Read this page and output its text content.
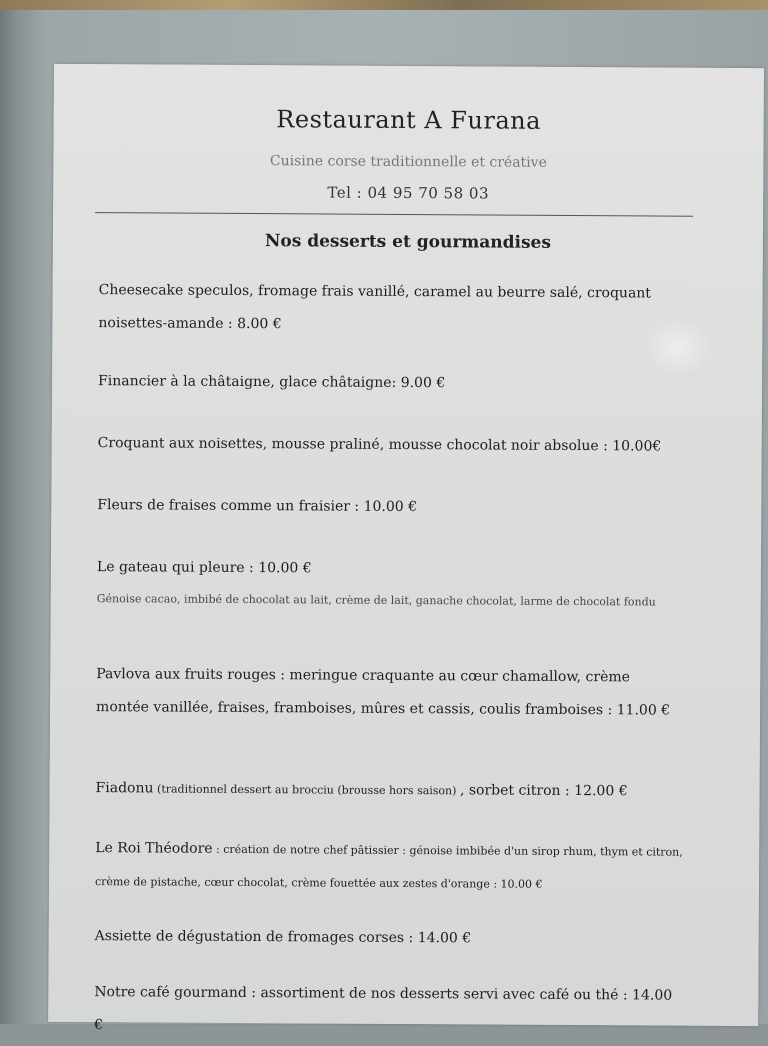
Restaurant A Furana
Cuisine corse traditionnelle et créative
Tel : 04 95 70 58 03
Nos desserts et gourmandises
Cheesecake speculos, fromage frais vanillé, caramel au beurre salé, croquant noisettes-amande : 8.00 €
Financier à la châtaigne, glace châtaigne: 9.00 €
Croquant aux noisettes, mousse praliné, mousse chocolat noir absolue : 10.00€
Fleurs de fraises comme un fraisier : 10.00 €
Le gateau qui pleure : 10.00 €
Génoise cacao, imbibé de chocolat au lait, crème de lait, ganache chocolat, larme de chocolat fondu
Pavlova aux fruits rouges : meringue craquante au cœur chamallow, crème montée vanillée, fraises, framboises, mûres et cassis, coulis framboises : 11.00 €
Fiadonu (traditionnel dessert au brocciu (brousse hors saison) , sorbet citron : 12.00 €
Le Roi Théodore : création de notre chef pâtissier : génoise imbibée d'un sirop rhum, thym et citron, crème de pistache, cœur chocolat, crème fouettée aux zestes d'orange : 10.00 €
Assiette de dégustation de fromages corses : 14.00 €
Notre café gourmand : assortiment de nos desserts servi avec café ou thé : 14.00 €
